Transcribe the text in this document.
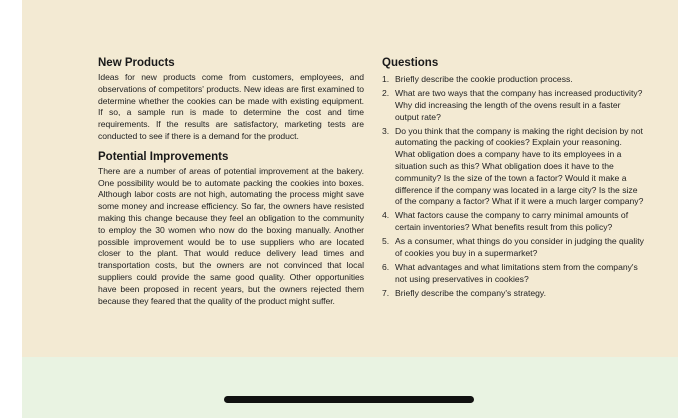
New Products

Ideas for new products come from customers, employees, and observations of competitors' products. New ideas are first examined to determine whether the cookies can be made with existing equipment. If so, a sample run is made to determine the cost and time requirements. If the results are satisfactory, marketing tests are conducted to see if there is a demand for the product.

Potential Improvements

There are a number of areas of potential improvement at the bakery. One possibility would be to automate packing the cookies into boxes. Although labor costs are not high, automating the process might save some money and increase efficiency. So far, the owners have resisted making this change because they feel an obligation to the community to employ the 30 women who now do the boxing manually. Another possible improvement would be to use suppliers who are located closer to the plant. That would reduce delivery lead times and transportation costs, but the owners are not convinced that local suppliers could provide the same good quality. Other opportunities have been proposed in recent years, but the owners rejected them because they feared that the quality of the product might suffer.

Questions
1. Briefly describe the cookie production process.
2. What are two ways that the company has increased productivity? Why did increasing the length of the ovens result in a faster output rate?
3. Do you think that the company is making the right decision by not automating the packing of cookies? Explain your reasoning. What obligation does a company have to its employees in a situation such as this? What obligation does it have to the community? Is the size of the town a factor? Would it make a difference if the company was located in a large city? Is the size of the company a factor? What if it were a much larger company?
4. What factors cause the company to carry minimal amounts of certain inventories? What benefits result from this policy?
5. As a consumer, what things do you consider in judging the quality of cookies you buy in a supermarket?
6. What advantages and what limitations stem from the company's not using preservatives in cookies?
7. Briefly describe the company's strategy.
